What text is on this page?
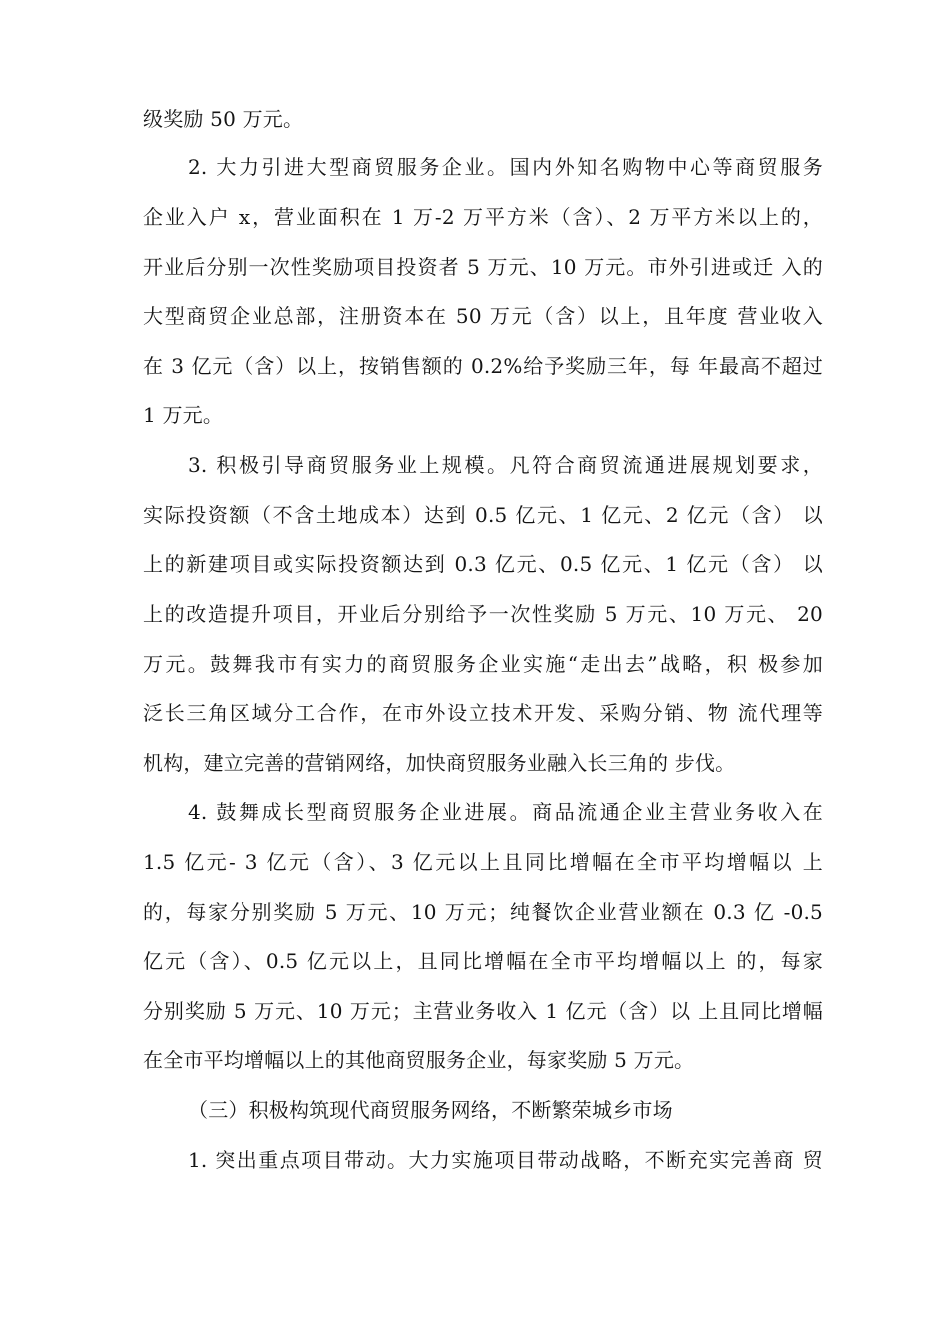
级奖励 50 万元。
2. 大力引进大型商贸服务企业。国内外知名购物中心等商贸服务
企业入户 x，营业面积在 1 万-2 万平方米（含）、2 万平方米以上的，
开业后分别一次性奖励项目投资者 5 万元、10 万元。市外引进或迁 入的
大型商贸企业总部，注册资本在 50 万元（含）以上，且年度 营业收入
在 3 亿元（含）以上，按销售额的 0.2%给予奖励三年，每 年最高不超过
1 万元。
3. 积极引导商贸服务业上规模。凡符合商贸流通进展规划要求，
实际投资额（不含土地成本）达到 0.5 亿元、1 亿元、2 亿元（含） 以
上的新建项目或实际投资额达到 0.3 亿元、0.5 亿元、1 亿元（含） 以
上的改造提升项目，开业后分别给予一次性奖励 5 万元、10 万元、 20
万元。鼓舞我市有实力的商贸服务企业实施“走出去”战略，积 极参加
泛长三角区域分工合作，在市外设立技术开发、采购分销、物 流代理等
机构，建立完善的营销网络，加快商贸服务业融入长三角的 步伐。
4. 鼓舞成长型商贸服务企业进展。商品流通企业主营业务收入在
1.5 亿元- 3 亿元（含）、3 亿元以上且同比增幅在全市平均增幅以 上
的，每家分别奖励 5 万元、10 万元；纯餐饮企业营业额在 0.3 亿 -0.5
亿元（含）、0.5 亿元以上，且同比增幅在全市平均增幅以上 的，每家
分别奖励 5 万元、10 万元；主营业务收入 1 亿元（含）以 上且同比增幅
在全市平均增幅以上的其他商贸服务企业，每家奖励 5 万元。
（三）积极构筑现代商贸服务网络，不断繁荣城乡市场
1. 突出重点项目带动。大力实施项目带动战略，不断充实完善商 贸
